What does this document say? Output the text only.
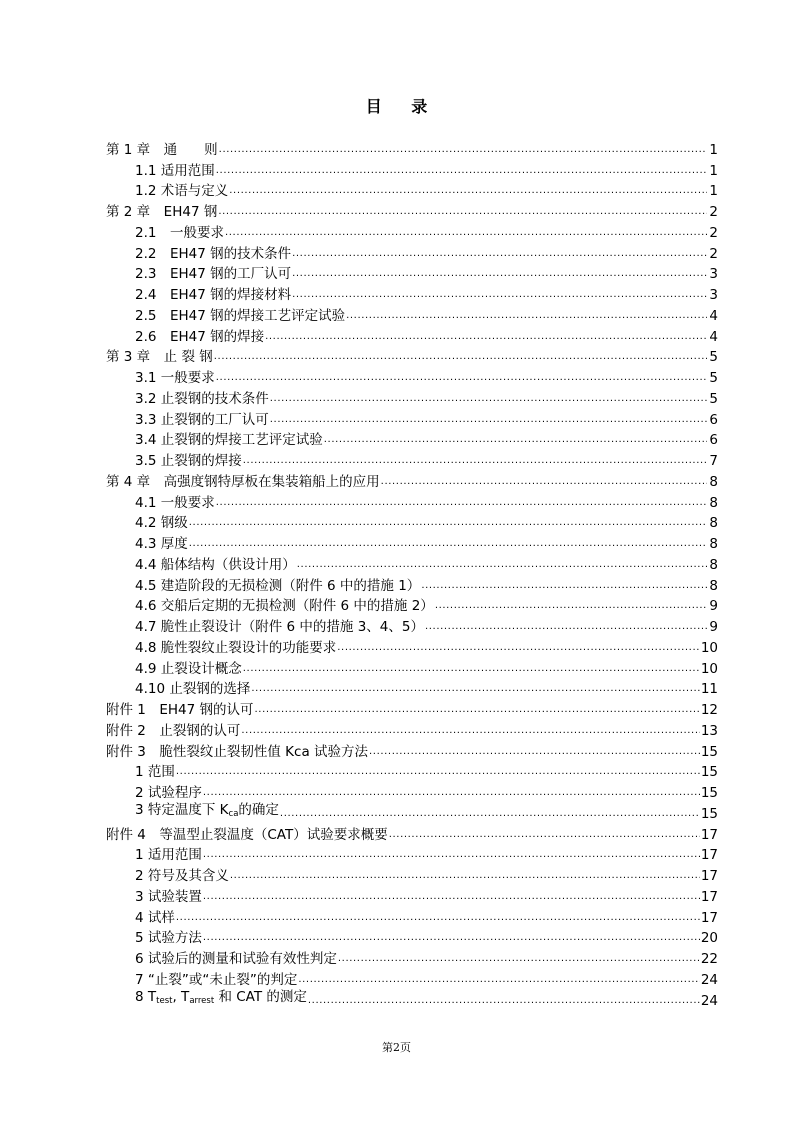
目 录
第 1 章　通　　则 .....	1
1.1 适用范围 .....	1
1.2 术语与定义 .....	1
第 2 章　EH47 钢 .....	2
2.1　一般要求 .....	2
2.2　EH47 钢的技术条件 .....	2
2.3　EH47 钢的工厂认可 .....	3
2.4　EH47 钢的焊接材料 .....	3
2.5　EH47 钢的焊接工艺评定试验 .....	4
2.6　EH47 钢的焊接 .....	4
第 3 章　止 裂 钢 .....	5
3.1 一般要求 .....	5
3.2 止裂钢的技术条件 .....	5
3.3 止裂钢的工厂认可 .....	6
3.4 止裂钢的焊接工艺评定试验 .....	6
3.5 止裂钢的焊接 .....	7
第 4 章　高强度钢特厚板在集装箱船上的应用 .....	8
4.1 一般要求 .....	8
4.2 钢级 .....	8
4.3 厚度 .....	8
4.4 船体结构（供设计用） .....	8
4.5 建造阶段的无损检测（附件 6 中的措施 1） .....	8
4.6 交船后定期的无损检测（附件 6 中的措施 2） .....	9
4.7 脆性止裂设计（附件 6 中的措施 3、4、5） .....	9
4.8 脆性裂纹止裂设计的功能要求 .....	10
4.9 止裂设计概念 .....	10
4.10 止裂钢的选择 .....	11
附件 1　EH47 钢的认可 .....	12
附件 2　止裂钢的认可 .....	13
附件 3　脆性裂纹止裂韧性值 Kca 试验方法 .....	15
1 范围 .....	15
2 试验程序 .....	15
3 特定温度下 $K_{ca}$的确定 .....	15
附件 4　等温型止裂温度（CAT）试验要求概要 .....	17
1 适用范围 .....	17
2 符号及其含义 .....	17
3 试验装置 .....	17
4 试样 .....	17
5 试验方法 .....	20
6 试验后的测量和试验有效性判定 .....	22
7 “止裂”或“未止裂”的判定 .....	24
8 $T_{test}$, $T_{arrest}$ 和 CAT 的测定 .....	24
第2页
